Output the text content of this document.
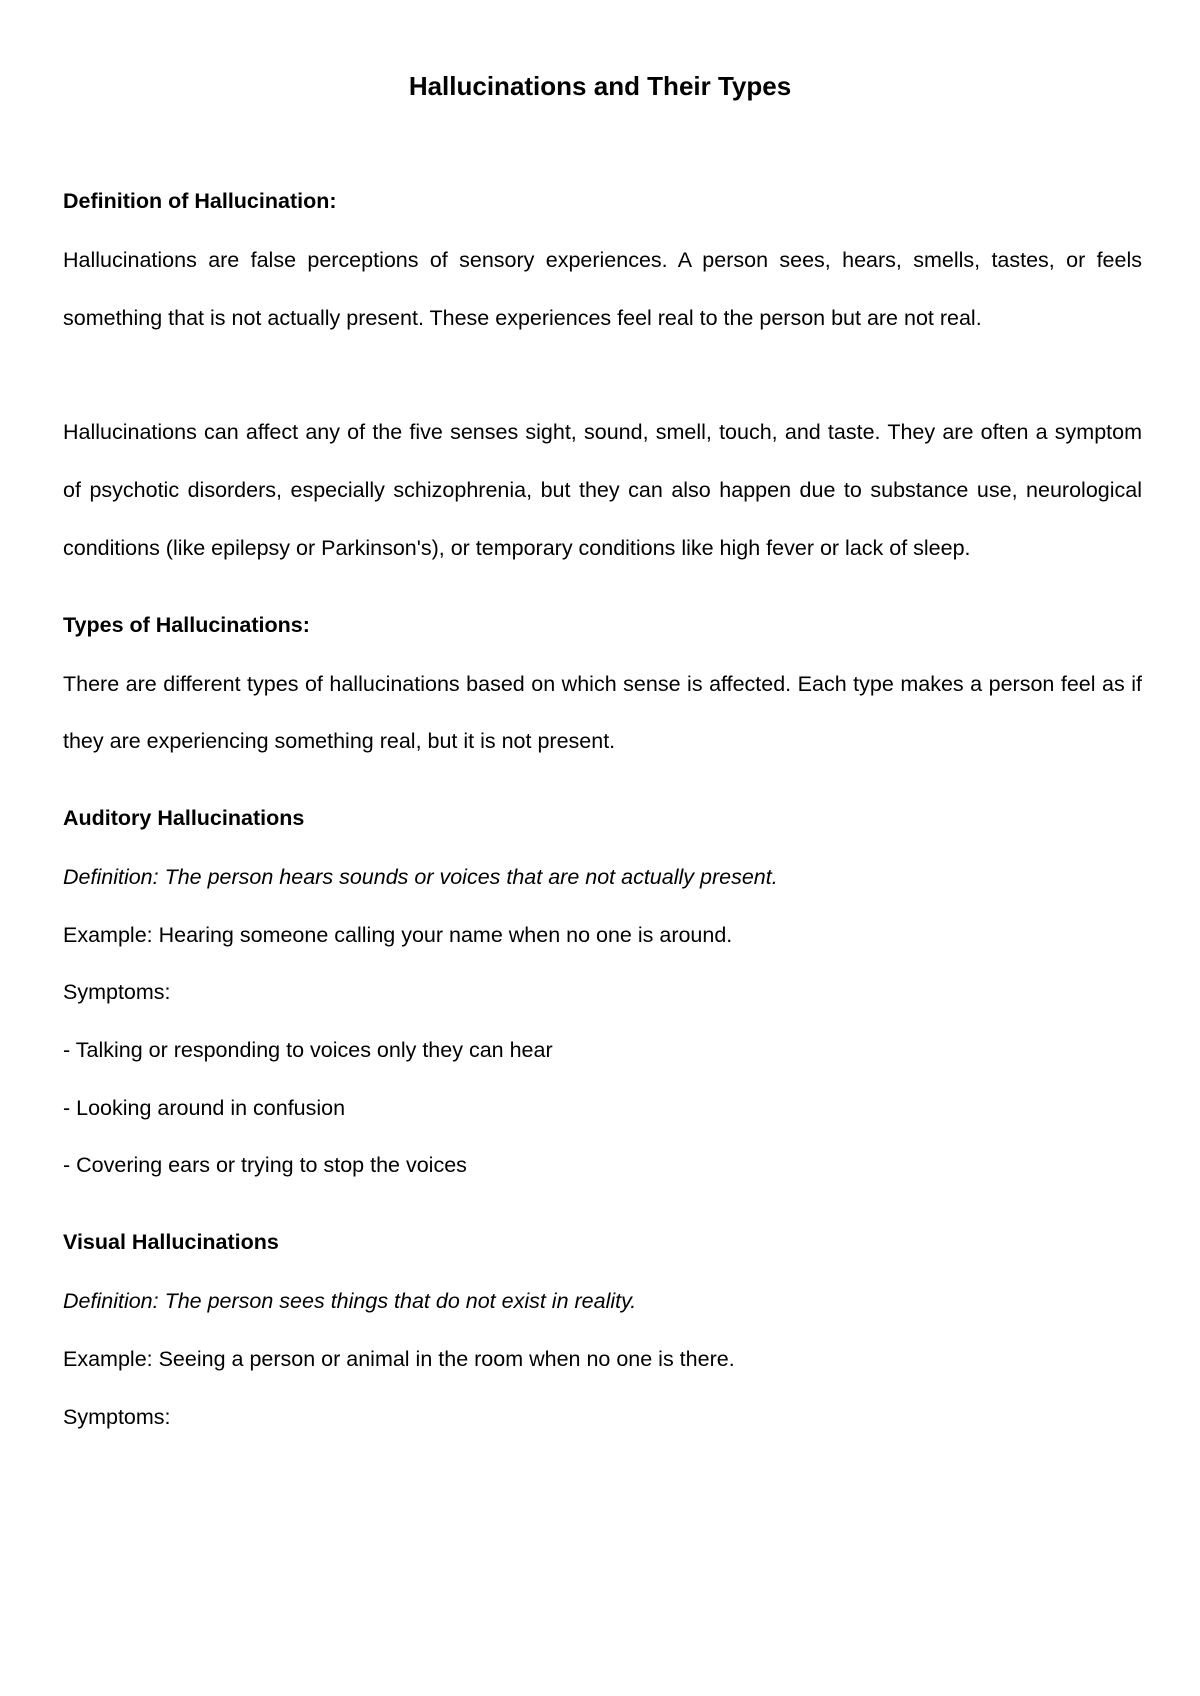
Hallucinations and Their Types
Definition of Hallucination:

Hallucinations are false perceptions of sensory experiences. A person sees, hears, smells, tastes, or feels something that is not actually present. These experiences feel real to the person but are not real.

Hallucinations can affect any of the five senses sight, sound, smell, touch, and taste. They are often a symptom of psychotic disorders, especially schizophrenia, but they can also happen due to substance use, neurological conditions (like epilepsy or Parkinson's), or temporary conditions like high fever or lack of sleep.

Types of Hallucinations:

There are different types of hallucinations based on which sense is affected. Each type makes a person feel as if they are experiencing something real, but it is not present.

Auditory Hallucinations

Definition: The person hears sounds or voices that are not actually present.

Example: Hearing someone calling your name when no one is around.

Symptoms:

- Talking or responding to voices only they can hear

- Looking around in confusion

- Covering ears or trying to stop the voices

Visual Hallucinations

Definition: The person sees things that do not exist in reality.

Example: Seeing a person or animal in the room when no one is there.

Symptoms:
